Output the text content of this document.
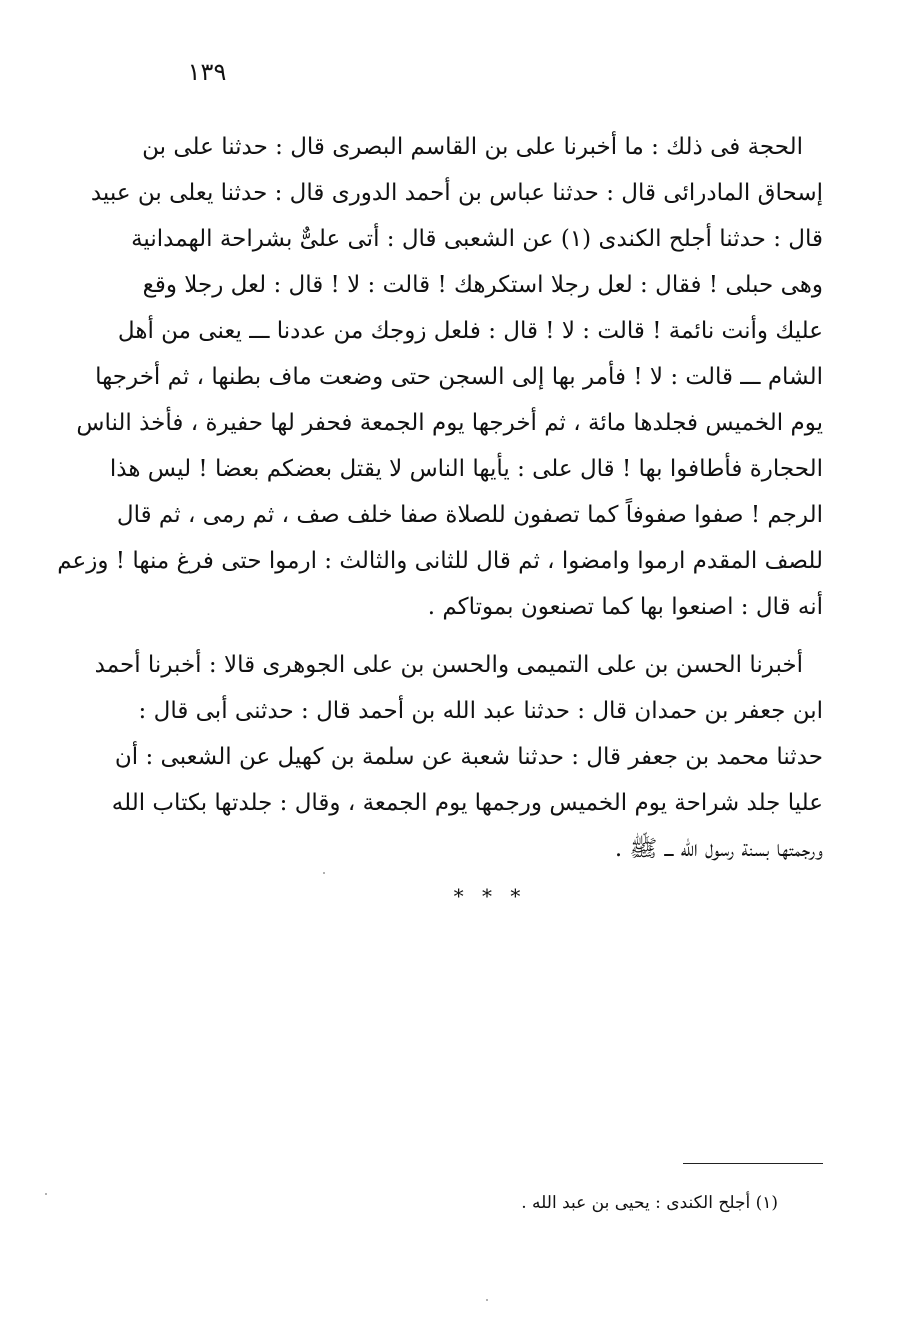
١٣٩
الحجة فى ذلك : ما أخبرنا على بن القاسم البصرى قال : حدثنا على بن
إسحاق المادرائى قال : حدثنا عباس بن أحمد الدورى قال : حدثنا يعلى بن عبيد
قال : حدثنا أجلح الكندى (١) عن الشعبى قال : أتى علىٌّ بشراحة الهمدانية
وهى حبلى ! فقال : لعل رجلا استكرهك ! قالت : لا ! قال : لعل رجلا وقع
عليك وأنت نائمة ! قالت : لا ! قال : فلعل زوجك من عددنا ـــ يعنى من أهل
الشام ـــ قالت : لا ! فأمر بها إلى السجن حتى وضعت ماف بطنها ، ثم أخرجها
يوم الخميس فجلدها مائة ، ثم أخرجها يوم الجمعة فحفر لها حفيرة ، فأخذ الناس
الحجارة فأطافوا بها ! قال على : يأيها الناس لا يقتل بعضكم بعضا ! ليس هذا
الرجم ! صفوا صفوفاً كما تصفون للصلاة صفا خلف صف ، ثم رمى ، ثم قال
للصف المقدم ارموا وامضوا ، ثم قال للثانى والثالث : ارموا حتى فرغ منها ! وزعم
أنه قال : اصنعوا بها كما تصنعون بموتاكم .
أخبرنا الحسن بن على التميمى والحسن بن على الجوهرى قالا : أخبرنا أحمد
ابن جعفر بن حمدان قال : حدثنا عبد الله بن أحمد قال : حدثنى أبى قال :
حدثنا محمد بن جعفر قال : حدثنا شعبة عن سلمة بن كهيل عن الشعبى : أن
عليا جلد شراحة يوم الخميس ورجمها يوم الجمعة ، وقال : جلدتها بكتاب الله
ورجمتها بسنة رسول الله ـــ ﷺ .
* * *
(١) أجلح الكندى : يحيى بن عبد الله .
